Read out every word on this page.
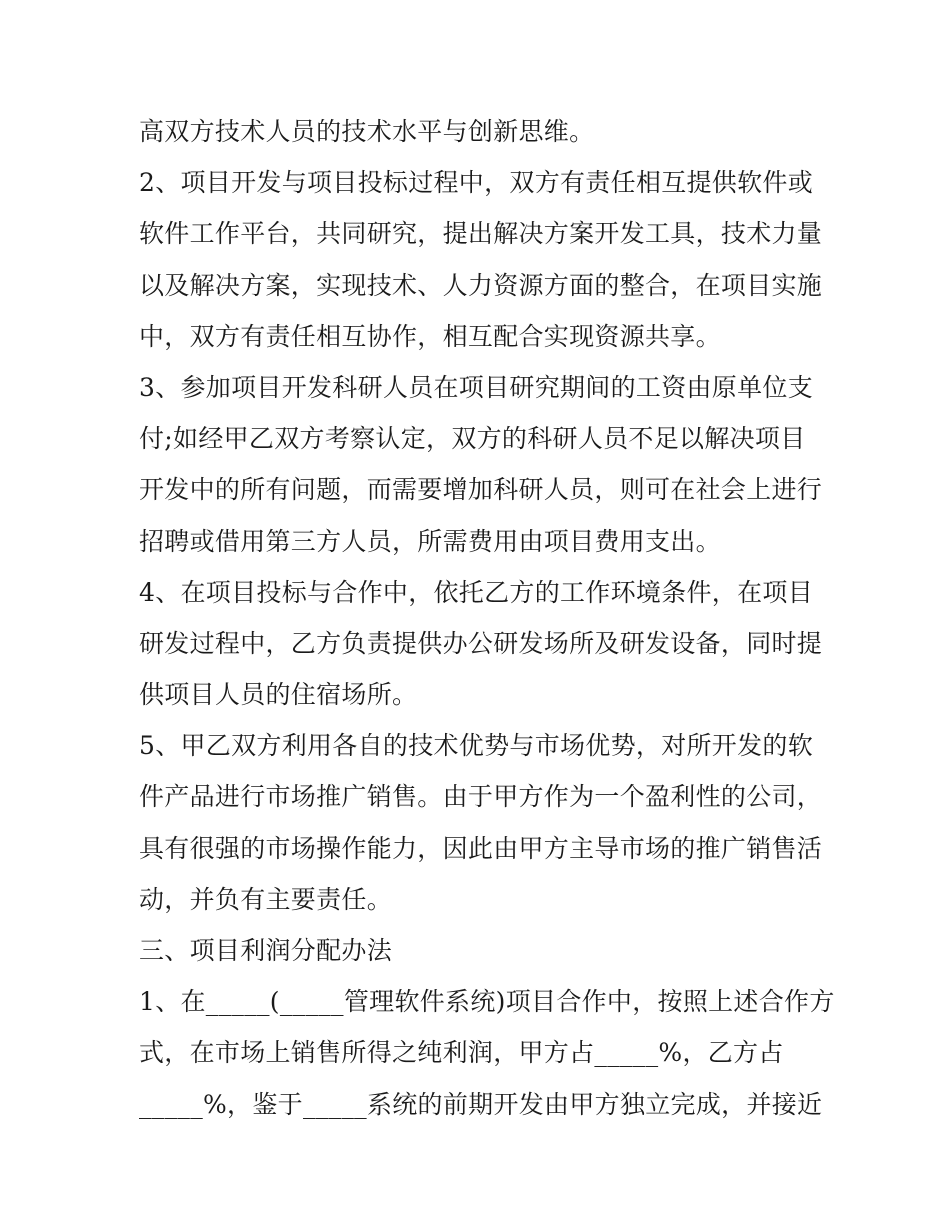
高双方技术人员的技术水平与创新思维。
2、项目开发与项目投标过程中，双方有责任相互提供软件或
软件工作平台，共同研究，提出解决方案开发工具，技术力量
以及解决方案，实现技术、人力资源方面的整合，在项目实施
中，双方有责任相互协作，相互配合实现资源共享。
3、参加项目开发科研人员在项目研究期间的工资由原单位支
付;如经甲乙双方考察认定，双方的科研人员不足以解决项目
开发中的所有问题，而需要增加科研人员，则可在社会上进行
招聘或借用第三方人员，所需费用由项目费用支出。
4、在项目投标与合作中，依托乙方的工作环境条件，在项目
研发过程中，乙方负责提供办公研发场所及研发设备，同时提
供项目人员的住宿场所。
5、甲乙双方利用各自的技术优势与市场优势，对所开发的软
件产品进行市场推广销售。由于甲方作为一个盈利性的公司，
具有很强的市场操作能力，因此由甲方主导市场的推广销售活
动，并负有主要责任。
三、项目利润分配办法
1、在_____(_____管理软件系统)项目合作中，按照上述合作方
式，在市场上销售所得之纯利润，甲方占_____%，乙方占
_____%，鉴于_____系统的前期开发由甲方独立完成，并接近
